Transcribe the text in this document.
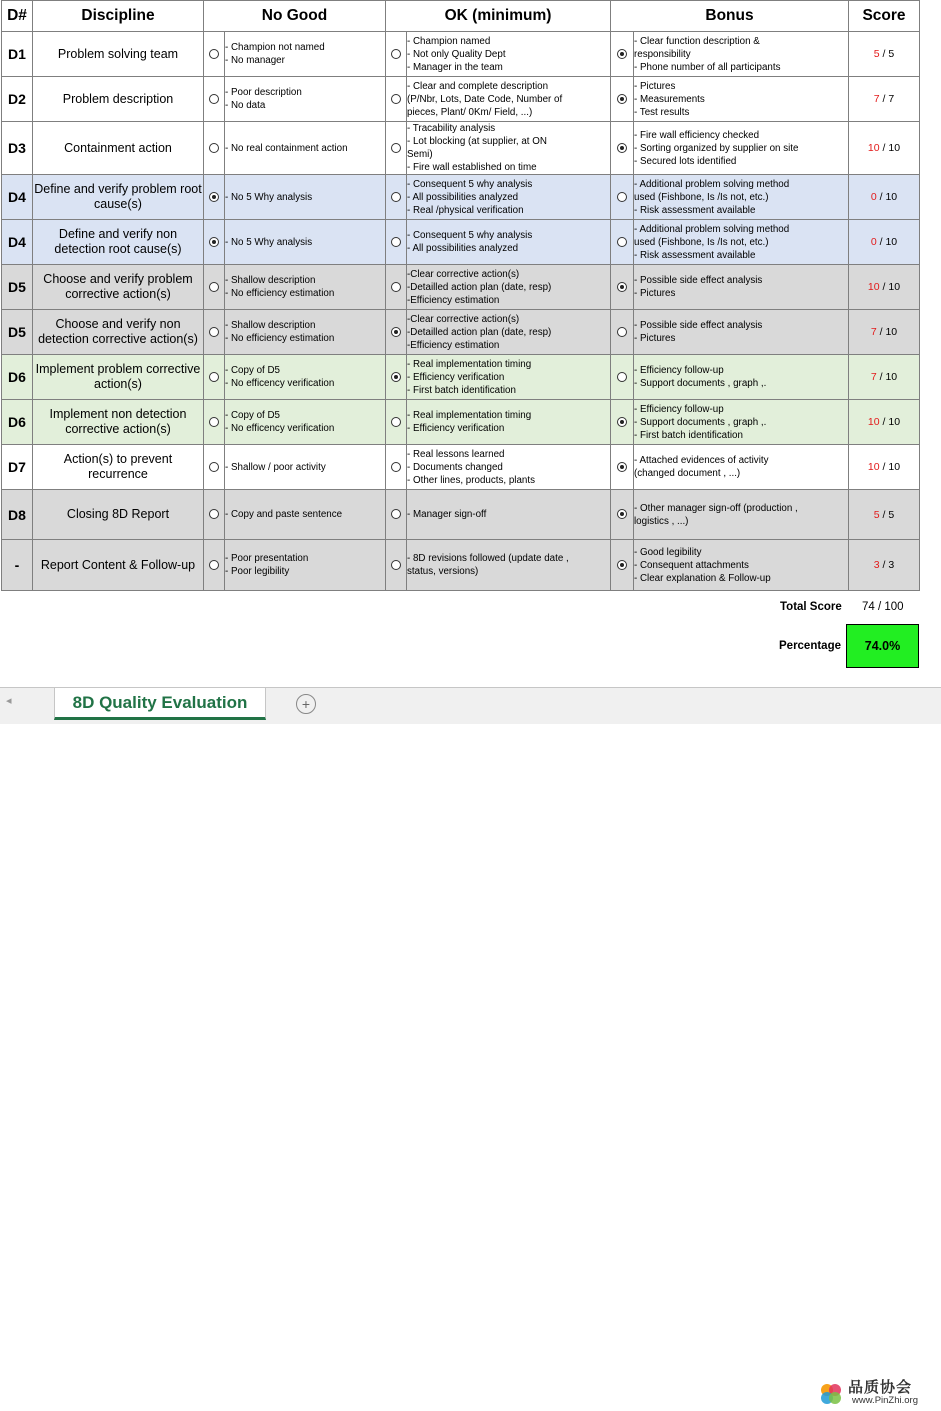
D#	Discipline	No Good		OK (minimum)		Bonus		Score
D1	Problem solving team		- Champion not named
- No manager		- Champion named
- Not only Quality Dept
- Manager in the team		- Clear function description &
responsibility
- Phone number of all participants	5 / 5
D2	Problem description		- Poor description
- No data		- Clear and complete description
(P/Nbr, Lots, Date Code, Number of
pieces, Plant/ 0Km/ Field, ...)		- Pictures
- Measurements
- Test results	7 / 7
D3	Containment action		- No real containment action		- Tracability analysis
- Lot blocking (at supplier, at ON
Semi)
- Fire wall established on time		- Fire wall efficiency checked
- Sorting organized by supplier on site
- Secured lots identified	10 / 10
D4	Define and verify problem root cause(s)		- No 5 Why analysis		- Consequent 5 why analysis
- All possibilities analyzed
- Real /physical verification		- Additional problem solving method
used (Fishbone, Is /Is not, etc.)
- Risk assessment available	0 / 10
D4	Define and verify non detection root cause(s)		- No 5 Why analysis		- Consequent 5 why analysis
- All possibilities analyzed		- Additional problem solving method
used (Fishbone, Is /Is not, etc.)
- Risk assessment available	0 / 10
D5	Choose and verify problem corrective action(s)		- Shallow description
- No efficiency estimation		-Clear corrective action(s)
-Detailled action plan (date, resp)
-Efficiency estimation		- Possible side effect analysis
- Pictures	10 / 10
D5	Choose and verify non detection corrective action(s)		- Shallow description
- No efficiency estimation		-Clear corrective action(s)
-Detailled action plan (date, resp)
-Efficiency estimation		- Possible side effect analysis
- Pictures	7 / 10
D6	Implement problem corrective action(s)		- Copy of D5
- No efficency verification		- Real implementation timing
- Efficiency verification
- First batch identification		- Efficiency follow-up
- Support documents , graph ,.	7 / 10
D6	Implement non detection corrective action(s)		- Copy of D5
- No efficency verification		- Real implementation timing
- Efficiency verification		- Efficiency follow-up
- Support documents , graph ,.
- First batch identification	10 / 10
D7	Action(s) to prevent recurrence		- Shallow / poor activity		- Real lessons learned
- Documents changed
- Other lines, products, plants		- Attached evidences of activity
(changed document , ...)	10 / 10
D8	Closing 8D Report		- Copy and paste sentence		- Manager sign-off		- Other manager sign-off (production ,
logistics , ...)	5 / 5
-	Report Content & Follow-up		- Poor presentation
- Poor legibility		- 8D revisions followed (update date ,
status, versions)		- Good legibility
- Consequent attachments
- Clear explanation & Follow-up	3 / 3
Total Score 74 / 100
Percentage	74.0%
◂	8D Quality Evaluation	+
品质协会
www.PinZhi.org
